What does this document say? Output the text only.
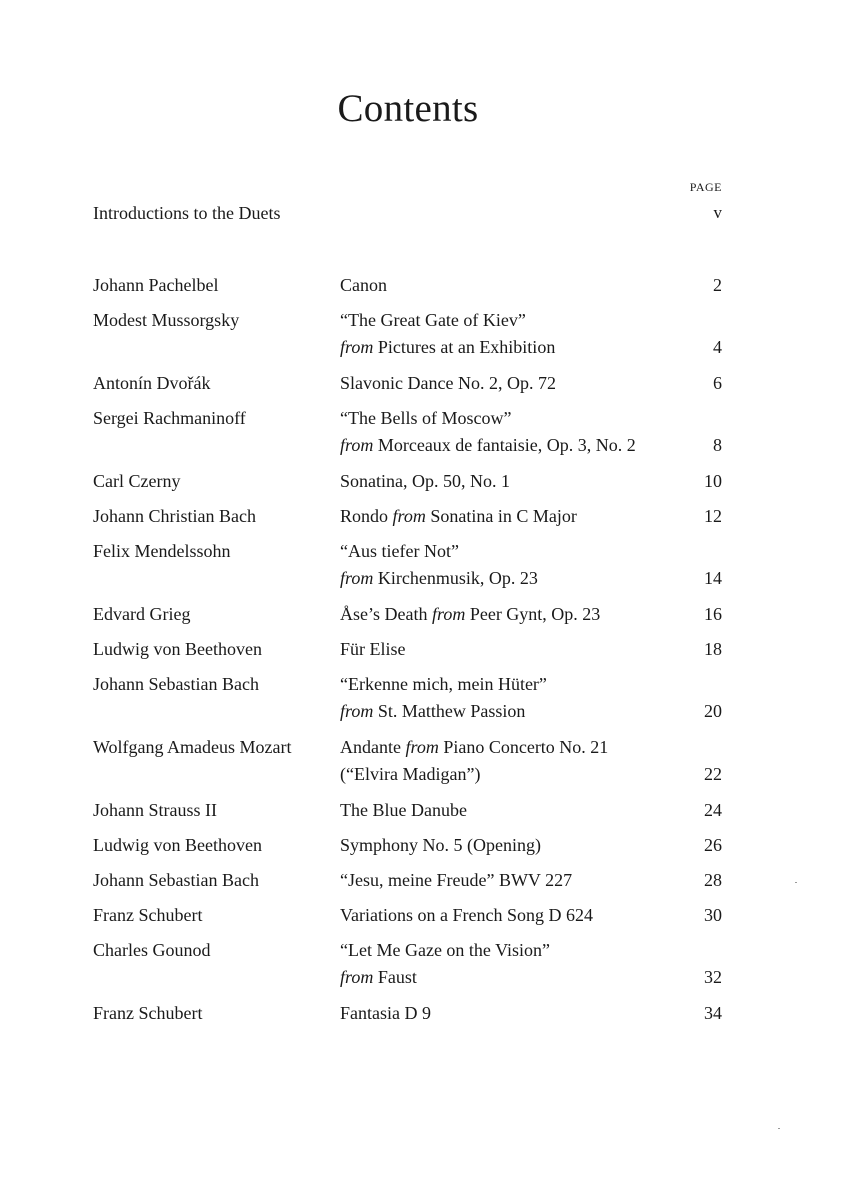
Contents
PAGE
Introductions to the Duets	v
Johann Pachelbel	Canon	2
Modest Mussorgsky	“The Great Gate of Kiev”
from Pictures at an Exhibition	4
Antonín Dvořák	Slavonic Dance No. 2, Op. 72	6
Sergei Rachmaninoff	“The Bells of Moscow”
from Morceaux de fantaisie, Op. 3, No. 2	8
Carl Czerny	Sonatina, Op. 50, No. 1	10
Johann Christian Bach	Rondo from Sonatina in C Major	12
Felix Mendelssohn	“Aus tiefer Not”
from Kirchenmusik, Op. 23	14
Edvard Grieg	Åse’s Death from Peer Gynt, Op. 23	16
Ludwig von Beethoven	Für Elise	18
Johann Sebastian Bach	“Erkenne mich, mein Hüter”
from St. Matthew Passion	20
Wolfgang Amadeus Mozart	Andante from Piano Concerto No. 21
(“Elvira Madigan”)	22
Johann Strauss II	The Blue Danube	24
Ludwig von Beethoven	Symphony No. 5 (Opening)	26
Johann Sebastian Bach	“Jesu, meine Freude” BWV 227	28
Franz Schubert	Variations on a French Song D 624	30
Charles Gounod	“Let Me Gaze on the Vision”
from Faust	32
Franz Schubert	Fantasia D 9	34
